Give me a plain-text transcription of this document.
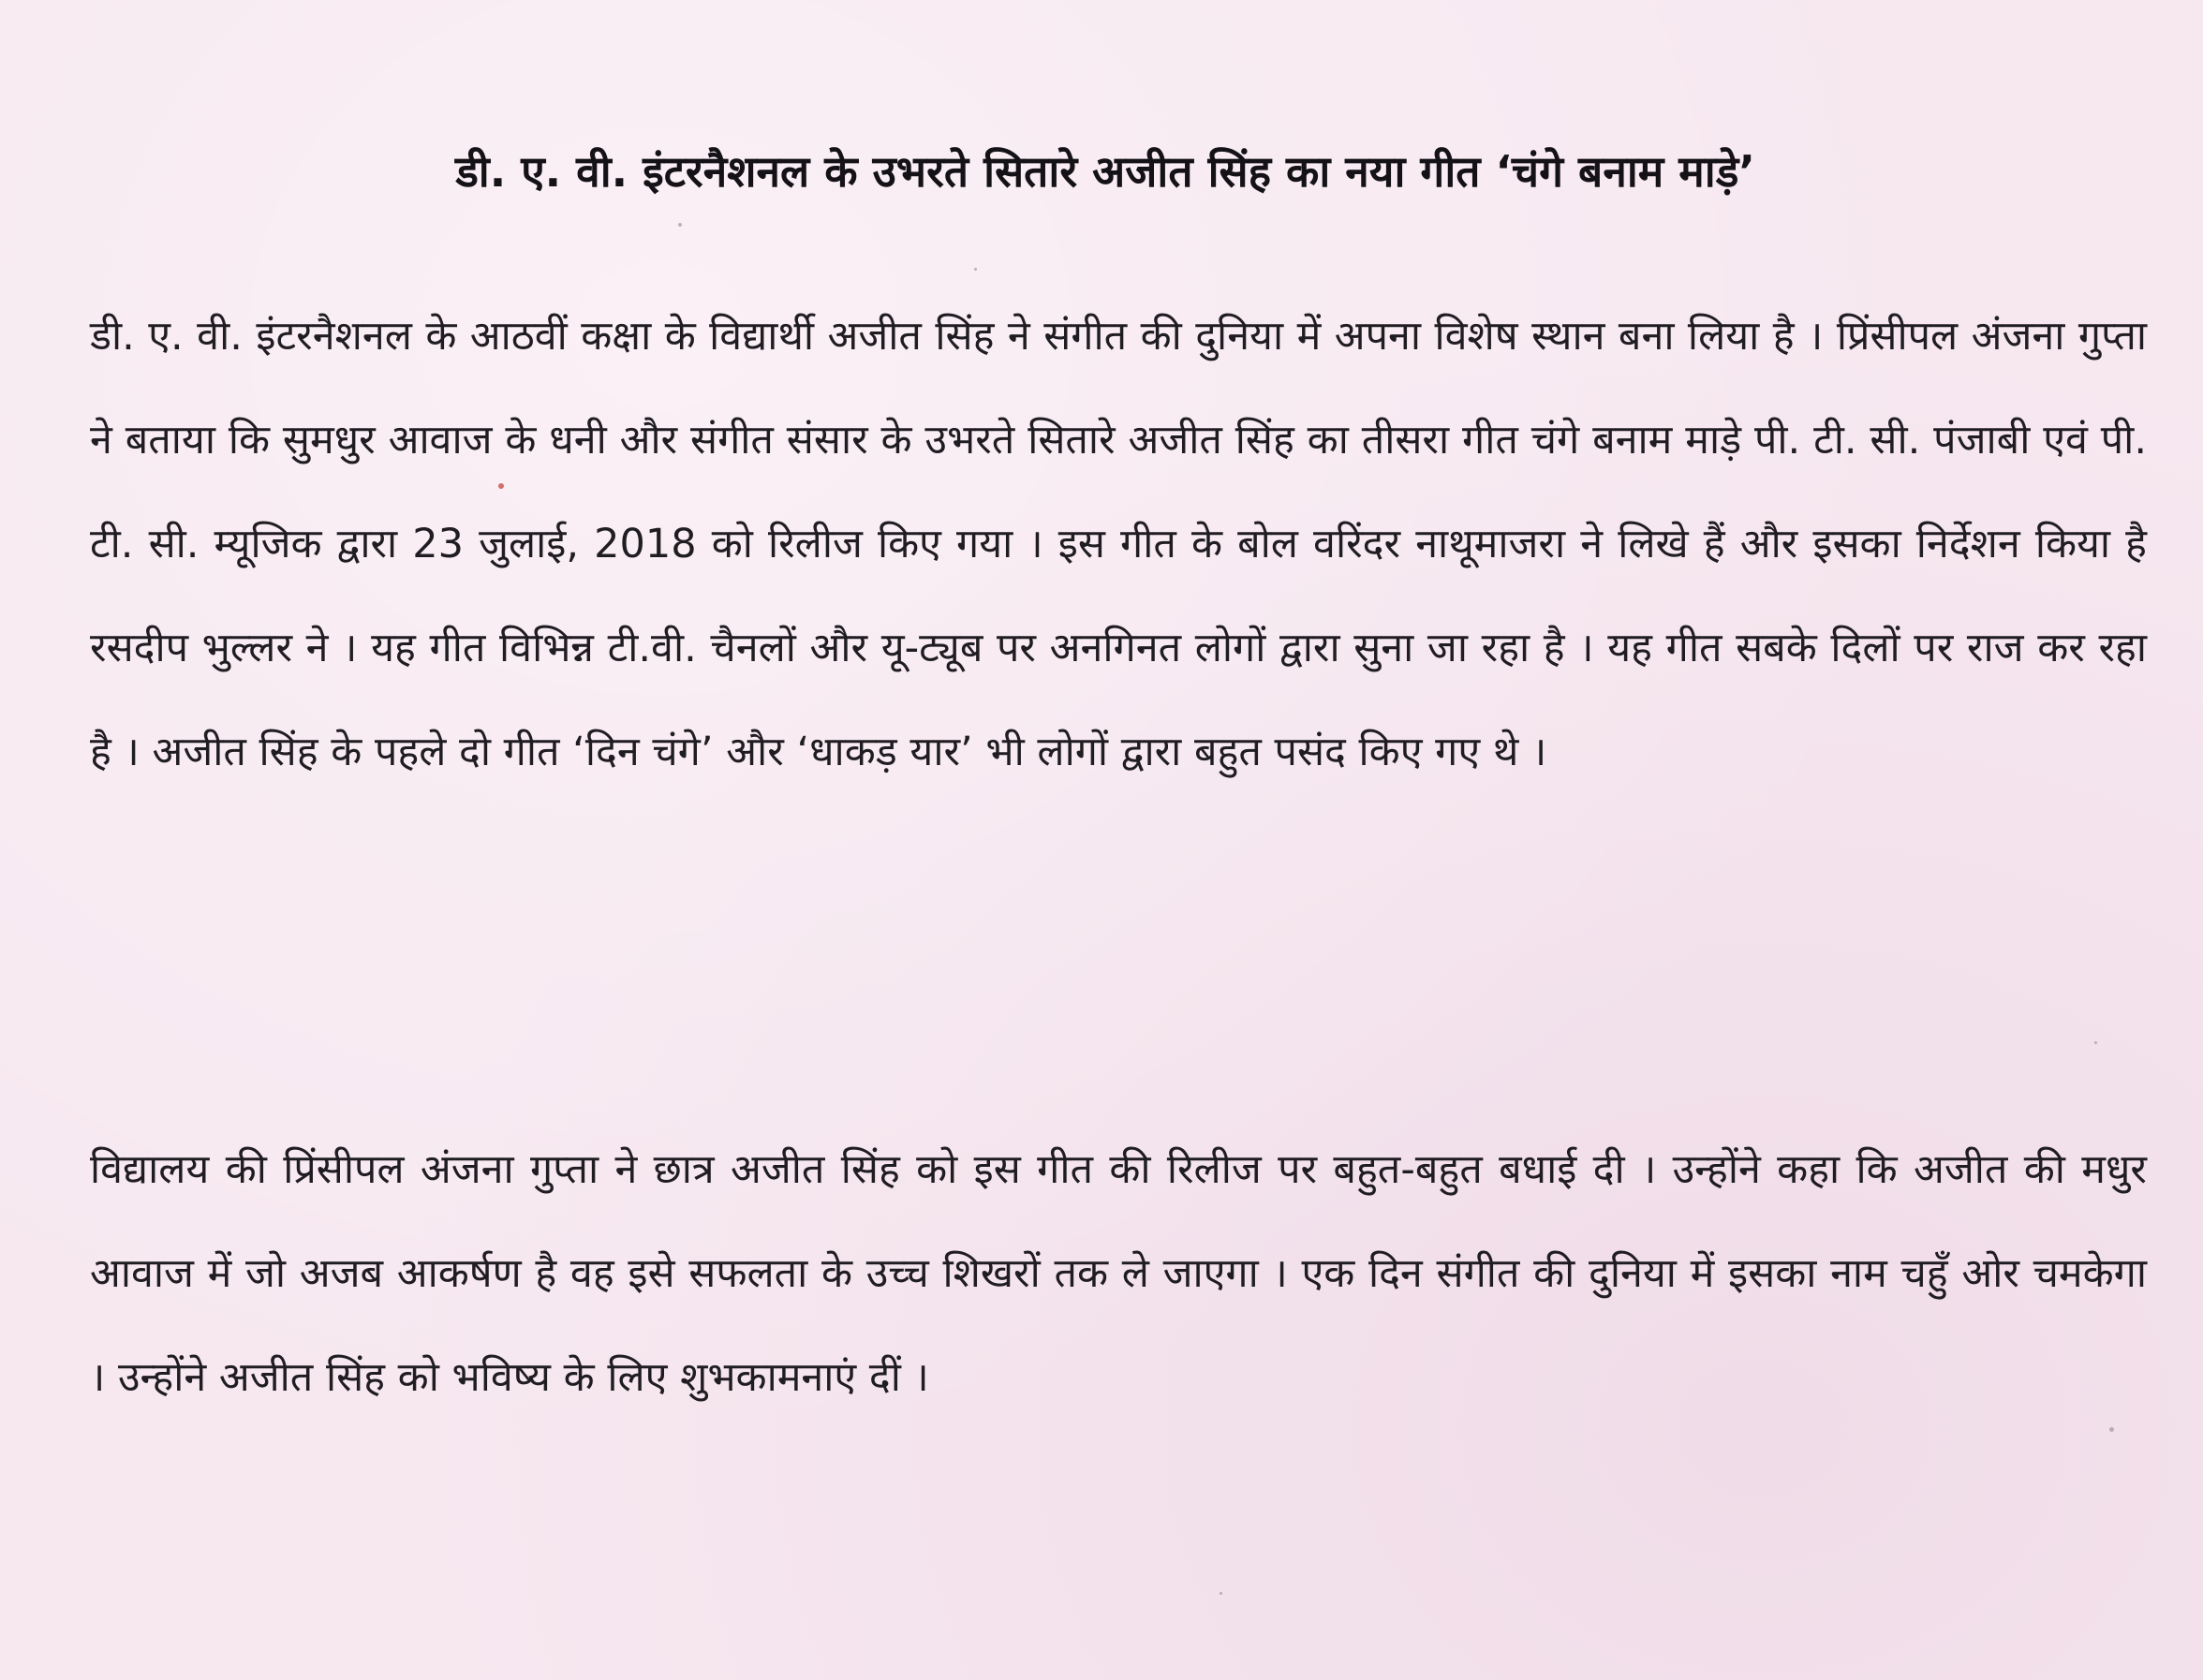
डी. ए. वी. इंटरनैशनल के उभरते सितारे अजीत सिंह का नया गीत ‘चंगे बनाम माड़े’

डी. ए. वी. इंटरनैशनल के आठवीं कक्षा के विद्यार्थी अजीत सिंह ने संगीत की दुनिया में अपना विशेष स्थान बना लिया है । प्रिंसीपल अंजना गुप्ता ने बताया कि सुमधुर आवाज के धनी और संगीत संसार के उभरते सितारे अजीत सिंह का तीसरा गीत चंगे बनाम माड़े पी. टी. सी. पंजाबी एवं पी. टी. सी. म्यूजिक द्वारा 23 जुलाई, 2018 को रिलीज किए गया । इस गीत के बोल वरिंदर नाथूमाजरा ने लिखे हैं और इसका निर्देशन किया है रसदीप भुल्लर ने । यह गीत विभिन्न टी.वी. चैनलों और यू-ट्यूब पर अनगिनत लोगों द्वारा सुना जा रहा है । यह गीत सबके दिलों पर राज कर रहा है । अजीत सिंह के पहले दो गीत ‘दिन चंगे’ और ‘धाकड़ यार’ भी लोगों द्वारा बहुत पसंद किए गए थे ।

विद्यालय की प्रिंसीपल अंजना गुप्ता ने छात्र अजीत सिंह को इस गीत की रिलीज पर बहुत-बहुत बधाई दी । उन्होंने कहा कि अजीत की मधुर आवाज में जो अजब आकर्षण है वह इसे सफलता के उच्च शिखरों तक ले जाएगा । एक दिन संगीत की दुनिया में इसका नाम चहुँ ओर चमकेगा । उन्होंने अजीत सिंह को भविष्य के लिए शुभकामनाएं दीं ।
